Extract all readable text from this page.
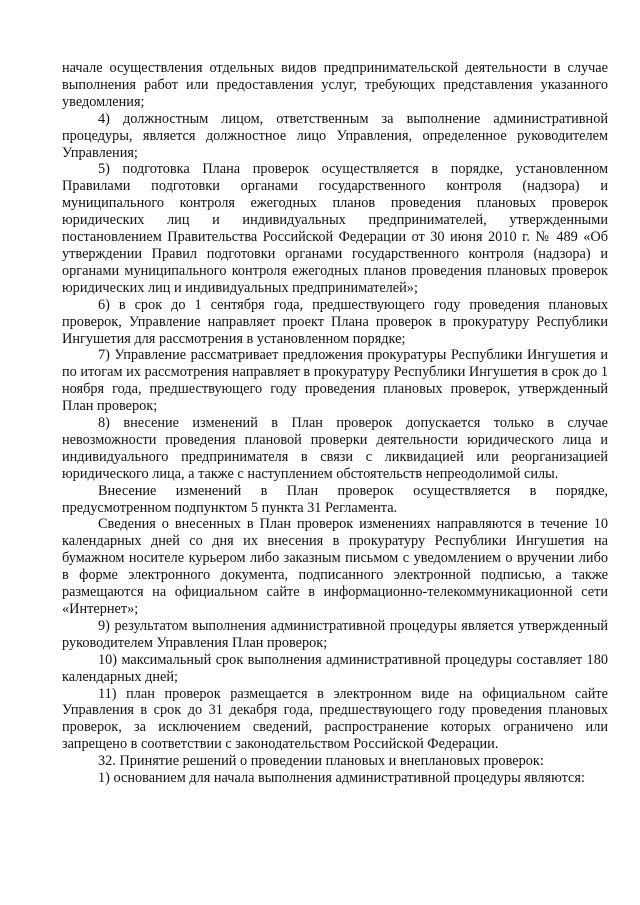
начале осуществления отдельных видов предпринимательской деятельности в случае выполнения работ или предоставления услуг, требующих представления указанного уведомления;

4) должностным лицом, ответственным за выполнение административной процедуры, является должностное лицо Управления, определенное руководителем Управления;

5) подготовка Плана проверок осуществляется в порядке, установленном Правилами подготовки органами государственного контроля (надзора) и муниципального контроля ежегодных планов проведения плановых проверок юридических лиц и индивидуальных предпринимателей, утвержденными постановлением Правительства Российской Федерации от 30 июня 2010 г. № 489 «Об утверждении Правил подготовки органами государственного контроля (надзора) и органами муниципального контроля ежегодных планов проведения плановых проверок юридических лиц и индивидуальных предпринимателей»;

6) в срок до 1 сентября года, предшествующего году проведения плановых проверок, Управление направляет проект Плана проверок в прокуратуру Республики Ингушетия для рассмотрения в установленном порядке;

7) Управление рассматривает предложения прокуратуры Республики Ингушетия и по итогам их рассмотрения направляет в прокуратуру Республики Ингушетия в срок до 1 ноября года, предшествующего году проведения плановых проверок, утвержденный План проверок;

8) внесение изменений в План проверок допускается только в случае невозможности проведения плановой проверки деятельности юридического лица и индивидуального предпринимателя в связи с ликвидацией или реорганизацией юридического лица, а также с наступлением обстоятельств непреодолимой силы.

Внесение изменений в План проверок осуществляется в порядке, предусмотренном подпунктом 5 пункта 31 Регламента.

Сведения о внесенных в План проверок изменениях направляются в течение 10 календарных дней со дня их внесения в прокуратуру Республики Ингушетия на бумажном носителе курьером либо заказным письмом с уведомлением о вручении либо в форме электронного документа, подписанного электронной подписью, а также размещаются на официальном сайте в информационно-телекоммуникационной сети «Интернет»;

9) результатом выполнения административной процедуры является утвержденный руководителем Управления План проверок;

10) максимальный срок выполнения административной процедуры составляет 180 календарных дней;

11) план проверок размещается в электронном виде на официальном сайте Управления в срок до 31 декабря года, предшествующего году проведения плановых проверок, за исключением сведений, распространение которых ограничено или запрещено в соответствии с законодательством Российской Федерации.

32. Принятие решений о проведении плановых и внеплановых проверок:

1) основанием для начала выполнения административной процедуры являются:
